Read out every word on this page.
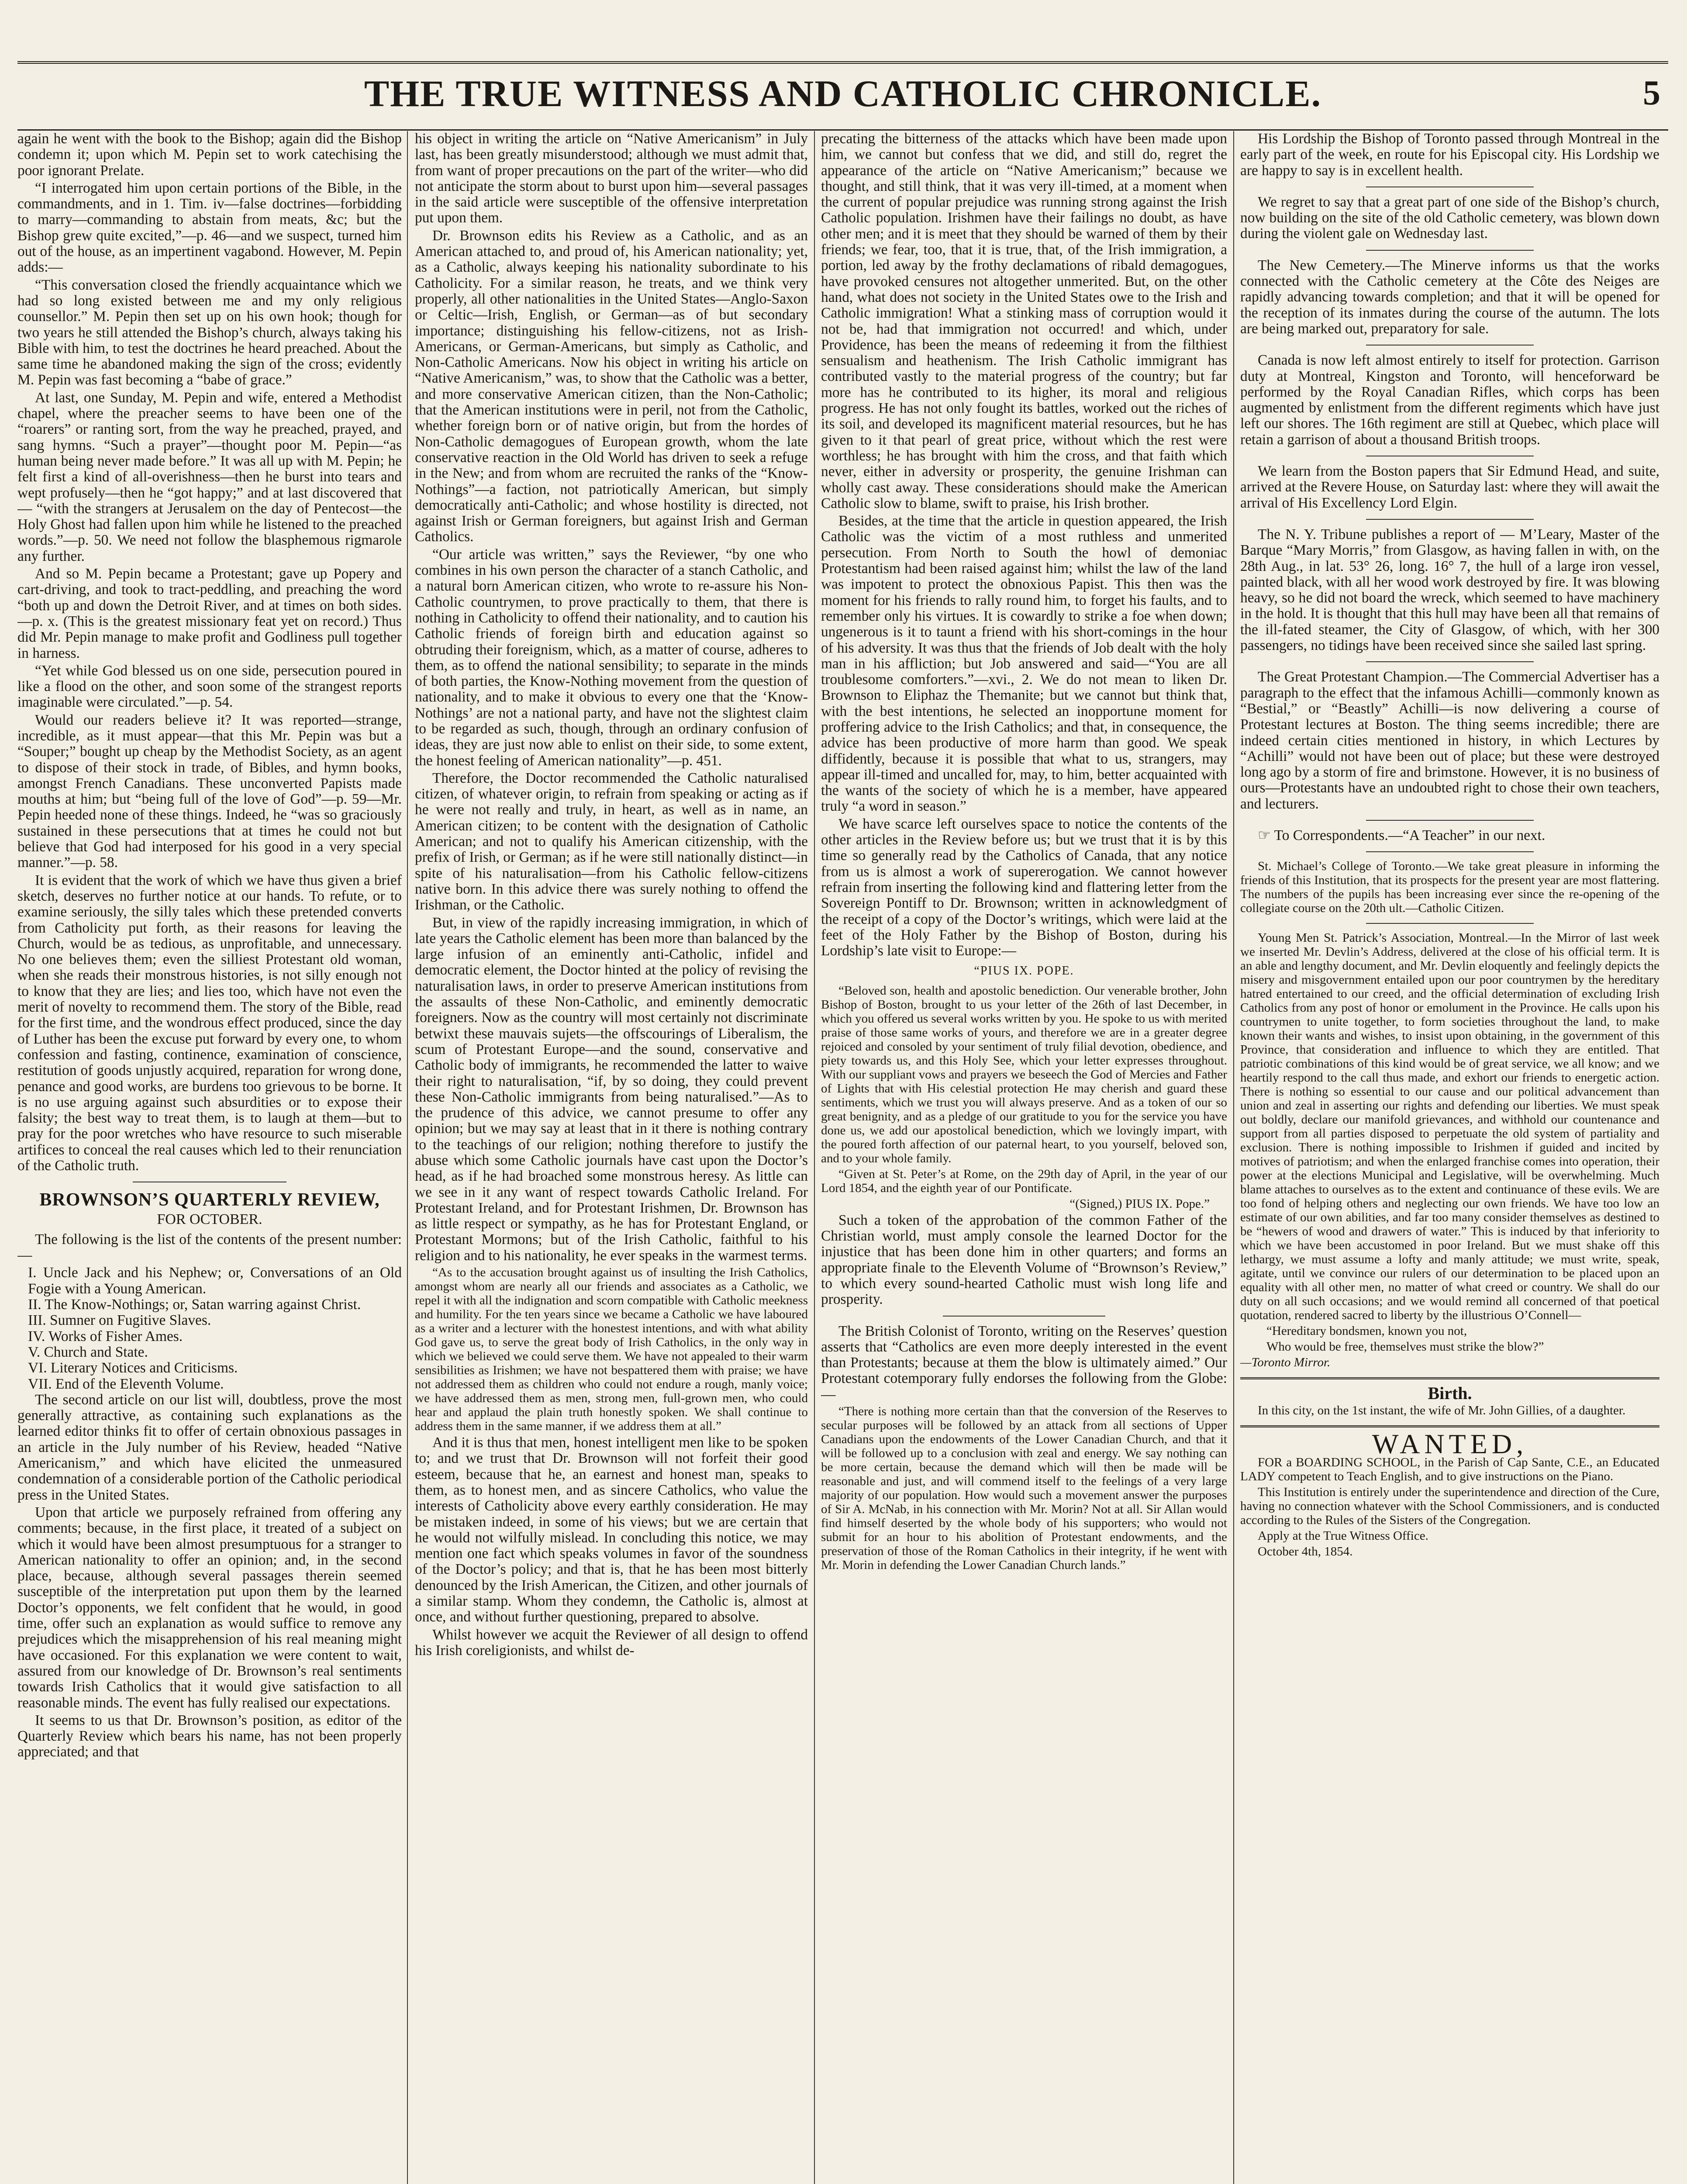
THE TRUE WITNESS AND CATHOLIC CHRONICLE.	5

again he went with the book to the Bishop; again did the Bishop condemn it; upon which M. Pepin set to work catechising the poor ignorant Prelate.

“I interrogated him upon certain portions of the Bible, in the commandments, and in 1. Tim. iv—false doctrines—forbidding to marry—commanding to abstain from meats, &c; but the Bishop grew quite excited,”—p. 46—and we suspect, turned him out of the house, as an impertinent vagabond. However, M. Pepin adds:—

“This conversation closed the friendly acquaintance which we had so long existed between me and my only religious counsellor.” M. Pepin then set up on his own hook; though for two years he still attended the Bishop’s church, always taking his Bible with him, to test the doctrines he heard preached. About the same time he abandoned making the sign of the cross; evidently M. Pepin was fast becoming a “babe of grace.”

At last, one Sunday, M. Pepin and wife, entered a Methodist chapel, where the preacher seems to have been one of the “roarers” or ranting sort, from the way he preached, prayed, and sang hymns. “Such a prayer”—thought poor M. Pepin—“as human being never made before.” It was all up with M. Pepin; he felt first a kind of all-overishness—then he burst into tears and wept profusely—then he “got happy;” and at last discovered that — “with the strangers at Jerusalem on the day of Pentecost—the Holy Ghost had fallen upon him while he listened to the preached words.”—p. 50. We need not follow the blasphemous rigmarole any further.

And so M. Pepin became a Protestant; gave up Popery and cart-driving, and took to tract-peddling, and preaching the word “both up and down the Detroit River, and at times on both sides.—p. x. (This is the greatest missionary feat yet on record.) Thus did Mr. Pepin manage to make profit and Godliness pull together in harness.

“Yet while God blessed us on one side, persecution poured in like a flood on the other, and soon some of the strangest reports imaginable were circulated.”—p. 54.

Would our readers believe it? It was reported—strange, incredible, as it must appear—that this Mr. Pepin was but a “Souper;” bought up cheap by the Methodist Society, as an agent to dispose of their stock in trade, of Bibles, and hymn books, amongst French Canadians. These unconverted Papists made mouths at him; but “being full of the love of God”—p. 59—Mr. Pepin heeded none of these things. Indeed, he “was so graciously sustained in these persecutions that at times he could not but believe that God had interposed for his good in a very special manner.”—p. 58.

It is evident that the work of which we have thus given a brief sketch, deserves no further notice at our hands. To refute, or to examine seriously, the silly tales which these pretended converts from Catholicity put forth, as their reasons for leaving the Church, would be as tedious, as unprofitable, and unnecessary. No one believes them; even the silliest Protestant old woman, when she reads their monstrous histories, is not silly enough not to know that they are lies; and lies too, which have not even the merit of novelty to recommend them. The story of the Bible, read for the first time, and the wondrous effect produced, since the day of Luther has been the excuse put forward by every one, to whom confession and fasting, continence, examination of conscience, restitution of goods unjustly acquired, reparation for wrong done, penance and good works, are burdens too grievous to be borne. It is no use arguing against such absurdities or to expose their falsity; the best way to treat them, is to laugh at them—but to pray for the poor wretches who have resource to such miserable artifices to conceal the real causes which led to their renunciation of the Catholic truth.

BROWNSON’S QUARTERLY REVIEW,
FOR OCTOBER.

The following is the list of the contents of the present number:—

I. Uncle Jack and his Nephew; or, Conversations of an Old Fogie with a Young American.

II. The Know-Nothings; or, Satan warring against Christ.

III. Sumner on Fugitive Slaves.

IV. Works of Fisher Ames.

V. Church and State.

VI. Literary Notices and Criticisms.

VII. End of the Eleventh Volume.

The second article on our list will, doubtless, prove the most generally attractive, as containing such explanations as the learned editor thinks fit to offer of certain obnoxious passages in an article in the July number of his Review, headed “Native Americanism,” and which have elicited the unmeasured condemnation of a considerable portion of the Catholic periodical press in the United States.

Upon that article we purposely refrained from offering any comments; because, in the first place, it treated of a subject on which it would have been almost presumptuous for a stranger to American nationality to offer an opinion; and, in the second place, because, although several passages therein seemed susceptible of the interpretation put upon them by the learned Doctor’s opponents, we felt confident that he would, in good time, offer such an explanation as would suffice to remove any prejudices which the misapprehension of his real meaning might have occasioned. For this explanation we were content to wait, assured from our knowledge of Dr. Brownson’s real sentiments towards Irish Catholics that it would give satisfaction to all reasonable minds. The event has fully realised our expectations.

It seems to us that Dr. Brownson’s position, as editor of the Quarterly Review which bears his name, has not been properly appreciated; and that

his object in writing the article on “Native Americanism” in July last, has been greatly misunderstood; although we must admit that, from want of proper precautions on the part of the writer—who did not anticipate the storm about to burst upon him—several passages in the said article were susceptible of the offensive interpretation put upon them.

Dr. Brownson edits his Review as a Catholic, and as an American attached to, and proud of, his American nationality; yet, as a Catholic, always keeping his nationality subordinate to his Catholicity. For a similar reason, he treats, and we think very properly, all other nationalities in the United States—Anglo-Saxon or Celtic—Irish, English, or German—as of but secondary importance; distinguishing his fellow-citizens, not as Irish-Americans, or German-Americans, but simply as Catholic, and Non-Catholic Americans. Now his object in writing his article on “Native Americanism,” was, to show that the Catholic was a better, and more conservative American citizen, than the Non-Catholic; that the American institutions were in peril, not from the Catholic, whether foreign born or of native origin, but from the hordes of Non-Catholic demagogues of European growth, whom the late conservative reaction in the Old World has driven to seek a refuge in the New; and from whom are recruited the ranks of the “Know-Nothings”—a faction, not patriotically American, but simply democratically anti-Catholic; and whose hostility is directed, not against Irish or German foreigners, but against Irish and German Catholics.

“Our article was written,” says the Reviewer, “by one who combines in his own person the character of a stanch Catholic, and a natural born American citizen, who wrote to re-assure his Non-Catholic countrymen, to prove practically to them, that there is nothing in Catholicity to offend their nationality, and to caution his Catholic friends of foreign birth and education against so obtruding their foreignism, which, as a matter of course, adheres to them, as to offend the national sensibility; to separate in the minds of both parties, the Know-Nothing movement from the question of nationality, and to make it obvious to every one that the ‘Know-Nothings’ are not a national party, and have not the slightest claim to be regarded as such, though, through an ordinary confusion of ideas, they are just now able to enlist on their side, to some extent, the honest feeling of American nationality”—p. 451.

Therefore, the Doctor recommended the Catholic naturalised citizen, of whatever origin, to refrain from speaking or acting as if he were not really and truly, in heart, as well as in name, an American citizen; to be content with the designation of Catholic American; and not to qualify his American citizenship, with the prefix of Irish, or German; as if he were still nationally distinct—in spite of his naturalisation—from his Catholic fellow-citizens native born. In this advice there was surely nothing to offend the Irishman, or the Catholic.

But, in view of the rapidly increasing immigration, in which of late years the Catholic element has been more than balanced by the large infusion of an eminently anti-Catholic, infidel and democratic element, the Doctor hinted at the policy of revising the naturalisation laws, in order to preserve American institutions from the assaults of these Non-Catholic, and eminently democratic foreigners. Now as the country will most certainly not discriminate betwixt these mauvais sujets—the offscourings of Liberalism, the scum of Protestant Europe—and the sound, conservative and Catholic body of immigrants, he recommended the latter to waive their right to naturalisation, “if, by so doing, they could prevent these Non-Catholic immigrants from being naturalised.”—As to the prudence of this advice, we cannot presume to offer any opinion; but we may say at least that in it there is nothing contrary to the teachings of our religion; nothing therefore to justify the abuse which some Catholic journals have cast upon the Doctor’s head, as if he had broached some monstrous heresy. As little can we see in it any want of respect towards Catholic Ireland. For Protestant Ireland, and for Protestant Irishmen, Dr. Brownson has as little respect or sympathy, as he has for Protestant England, or Protestant Mormons; but of the Irish Catholic, faithful to his religion and to his nationality, he ever speaks in the warmest terms.

“As to the accusation brought against us of insulting the Irish Catholics, amongst whom are nearly all our friends and associates as a Catholic, we repel it with all the indignation and scorn compatible with Catholic meekness and humility. For the ten years since we became a Catholic we have laboured as a writer and a lecturer with the honestest intentions, and with what ability God gave us, to serve the great body of Irish Catholics, in the only way in which we believed we could serve them. We have not appealed to their warm sensibilities as Irishmen; we have not bespattered them with praise; we have not addressed them as children who could not endure a rough, manly voice; we have addressed them as men, strong men, full-grown men, who could hear and applaud the plain truth honestly spoken. We shall continue to address them in the same manner, if we address them at all.”

And it is thus that men, honest intelligent men like to be spoken to; and we trust that Dr. Brownson will not forfeit their good esteem, because that he, an earnest and honest man, speaks to them, as to honest men, and as sincere Catholics, who value the interests of Catholicity above every earthly consideration. He may be mistaken indeed, in some of his views; but we are certain that he would not wilfully mislead. In concluding this notice, we may mention one fact which speaks volumes in favor of the soundness of the Doctor’s policy; and that is, that he has been most bitterly denounced by the Irish American, the Citizen, and other journals of a similar stamp. Whom they condemn, the Catholic is, almost at once, and without further questioning, prepared to absolve.

Whilst however we acquit the Reviewer of all design to offend his Irish coreligionists, and whilst de-

precating the bitterness of the attacks which have been made upon him, we cannot but confess that we did, and still do, regret the appearance of the article on “Native Americanism;” because we thought, and still think, that it was very ill-timed, at a moment when the current of popular prejudice was running strong against the Irish Catholic population. Irishmen have their failings no doubt, as have other men; and it is meet that they should be warned of them by their friends; we fear, too, that it is true, that, of the Irish immigration, a portion, led away by the frothy declamations of ribald demagogues, have provoked censures not altogether unmerited. But, on the other hand, what does not society in the United States owe to the Irish and Catholic immigration! What a stinking mass of corruption would it not be, had that immigration not occurred! and which, under Providence, has been the means of redeeming it from the filthiest sensualism and heathenism. The Irish Catholic immigrant has contributed vastly to the material progress of the country; but far more has he contributed to its higher, its moral and religious progress. He has not only fought its battles, worked out the riches of its soil, and developed its magnificent material resources, but he has given to it that pearl of great price, without which the rest were worthless; he has brought with him the cross, and that faith which never, either in adversity or prosperity, the genuine Irishman can wholly cast away. These considerations should make the American Catholic slow to blame, swift to praise, his Irish brother.

Besides, at the time that the article in question appeared, the Irish Catholic was the victim of a most ruthless and unmerited persecution. From North to South the howl of demoniac Protestantism had been raised against him; whilst the law of the land was impotent to protect the obnoxious Papist. This then was the moment for his friends to rally round him, to forget his faults, and to remember only his virtues. It is cowardly to strike a foe when down; ungenerous is it to taunt a friend with his short-comings in the hour of his adversity. It was thus that the friends of Job dealt with the holy man in his affliction; but Job answered and said—“You are all troublesome comforters.”—xvi., 2. We do not mean to liken Dr. Brownson to Eliphaz the Themanite; but we cannot but think that, with the best intentions, he selected an inopportune moment for proffering advice to the Irish Catholics; and that, in consequence, the advice has been productive of more harm than good. We speak diffidently, because it is possible that what to us, strangers, may appear ill-timed and uncalled for, may, to him, better acquainted with the wants of the society of which he is a member, have appeared truly “a word in season.”

We have scarce left ourselves space to notice the contents of the other articles in the Review before us; but we trust that it is by this time so generally read by the Catholics of Canada, that any notice from us is almost a work of supererogation. We cannot however refrain from inserting the following kind and flattering letter from the Sovereign Pontiff to Dr. Brownson; written in acknowledgment of the receipt of a copy of the Doctor’s writings, which were laid at the feet of the Holy Father by the Bishop of Boston, during his Lordship’s late visit to Europe:—

“PIUS IX. POPE.

“Beloved son, health and apostolic benediction. Our venerable brother, John Bishop of Boston, brought to us your letter of the 26th of last December, in which you offered us several works written by you. He spoke to us with merited praise of those same works of yours, and therefore we are in a greater degree rejoiced and consoled by your sentiment of truly filial devotion, obedience, and piety towards us, and this Holy See, which your letter expresses throughout. With our suppliant vows and prayers we beseech the God of Mercies and Father of Lights that with His celestial protection He may cherish and guard these sentiments, which we trust you will always preserve. And as a token of our so great benignity, and as a pledge of our gratitude to you for the service you have done us, we add our apostolical benediction, which we lovingly impart, with the poured forth affection of our paternal heart, to you yourself, beloved son, and to your whole family.

“Given at St. Peter’s at Rome, on the 29th day of April, in the year of our Lord 1854, and the eighth year of our Pontificate.

“(Signed,) PIUS IX. Pope.”

Such a token of the approbation of the common Father of the Christian world, must amply console the learned Doctor for the injustice that has been done him in other quarters; and forms an appropriate finale to the Eleventh Volume of “Brownson’s Review,” to which every sound-hearted Catholic must wish long life and prosperity.

The British Colonist of Toronto, writing on the Reserves’ question asserts that “Catholics are even more deeply interested in the event than Protestants; because at them the blow is ultimately aimed.” Our Protestant cotemporary fully endorses the following from the Globe:—

“There is nothing more certain than that the conversion of the Reserves to secular purposes will be followed by an attack from all sections of Upper Canadians upon the endowments of the Lower Canadian Church, and that it will be followed up to a conclusion with zeal and energy. We say nothing can be more certain, because the demand which will then be made will be reasonable and just, and will commend itself to the feelings of a very large majority of our population. How would such a movement answer the purposes of Sir A. McNab, in his connection with Mr. Morin? Not at all. Sir Allan would find himself deserted by the whole body of his supporters; who would not submit for an hour to his abolition of Protestant endowments, and the preservation of those of the Roman Catholics in their integrity, if he went with Mr. Morin in defending the Lower Canadian Church lands.”

His Lordship the Bishop of Toronto passed through Montreal in the early part of the week, en route for his Episcopal city. His Lordship we are happy to say is in excellent health.

We regret to say that a great part of one side of the Bishop’s church, now building on the site of the old Catholic cemetery, was blown down during the violent gale on Wednesday last.

The New Cemetery.—The Minerve informs us that the works connected with the Catholic cemetery at the Côte des Neiges are rapidly advancing towards completion; and that it will be opened for the reception of its inmates during the course of the autumn. The lots are being marked out, preparatory for sale.

Canada is now left almost entirely to itself for protection. Garrison duty at Montreal, Kingston and Toronto, will henceforward be performed by the Royal Canadian Rifles, which corps has been augmented by enlistment from the different regiments which have just left our shores. The 16th regiment are still at Quebec, which place will retain a garrison of about a thousand British troops.

We learn from the Boston papers that Sir Edmund Head, and suite, arrived at the Revere House, on Saturday last: where they will await the arrival of His Excellency Lord Elgin.

The N. Y. Tribune publishes a report of — M’Leary, Master of the Barque “Mary Morris,” from Glasgow, as having fallen in with, on the 28th Aug., in lat. 53° 26, long. 16° 7, the hull of a large iron vessel, painted black, with all her wood work destroyed by fire. It was blowing heavy, so he did not board the wreck, which seemed to have machinery in the hold. It is thought that this hull may have been all that remains of the ill-fated steamer, the City of Glasgow, of which, with her 300 passengers, no tidings have been received since she sailed last spring.

The Great Protestant Champion.—The Commercial Advertiser has a paragraph to the effect that the infamous Achilli—commonly known as “Bestial,” or “Beastly” Achilli—is now delivering a course of Protestant lectures at Boston. The thing seems incredible; there are indeed certain cities mentioned in history, in which Lectures by “Achilli” would not have been out of place; but these were destroyed long ago by a storm of fire and brimstone. However, it is no business of ours—Protestants have an undoubted right to chose their own teachers, and lecturers.

☞ To Correspondents.—“A Teacher” in our next.

St. Michael’s College of Toronto.—We take great pleasure in informing the friends of this Institution, that its prospects for the present year are most flattering. The numbers of the pupils has been increasing ever since the re-opening of the collegiate course on the 20th ult.—Catholic Citizen.

Young Men St. Patrick’s Association, Montreal.—In the Mirror of last week we inserted Mr. Devlin’s Address, delivered at the close of his official term. It is an able and lengthy document, and Mr. Devlin eloquently and feelingly depicts the misery and misgovernment entailed upon our poor countrymen by the hereditary hatred entertained to our creed, and the official determination of excluding Irish Catholics from any post of honor or emolument in the Province. He calls upon his countrymen to unite together, to form societies throughout the land, to make known their wants and wishes, to insist upon obtaining, in the government of this Province, that consideration and influence to which they are entitled. That patriotic combinations of this kind would be of great service, we all know; and we heartily respond to the call thus made, and exhort our friends to energetic action. There is nothing so essential to our cause and our political advancement than union and zeal in asserting our rights and defending our liberties. We must speak out boldly, declare our manifold grievances, and withhold our countenance and support from all parties disposed to perpetuate the old system of partiality and exclusion. There is nothing impossible to Irishmen if guided and incited by motives of patriotism; and when the enlarged franchise comes into operation, their power at the elections Municipal and Legislative, will be overwhelming. Much blame attaches to ourselves as to the extent and continuance of these evils. We are too fond of helping others and neglecting our own friends. We have too low an estimate of our own abilities, and far too many consider themselves as destined to be “hewers of wood and drawers of water.” This is induced by that inferiority to which we have been accustomed in poor Ireland. But we must shake off this lethargy, we must assume a lofty and manly attitude; we must write, speak, agitate, until we convince our rulers of our determination to be placed upon an equality with all other men, no matter of what creed or country. We shall do our duty on all such occasions; and we would remind all concerned of that poetical quotation, rendered sacred to liberty by the illustrious O’Connell—

“Hereditary bondsmen, known you not,

Who would be free, themselves must strike the blow?”

—Toronto Mirror.

Birth.

In this city, on the 1st instant, the wife of Mr. John Gillies, of a daughter.

WANTED,

FOR a BOARDING SCHOOL, in the Parish of Cap Sante, C.E., an Educated LADY competent to Teach English, and to give instructions on the Piano.

This Institution is entirely under the superintendence and direction of the Cure, having no connection whatever with the School Commissioners, and is conducted according to the Rules of the Sisters of the Congregation.

Apply at the True Witness Office.

October 4th, 1854.
